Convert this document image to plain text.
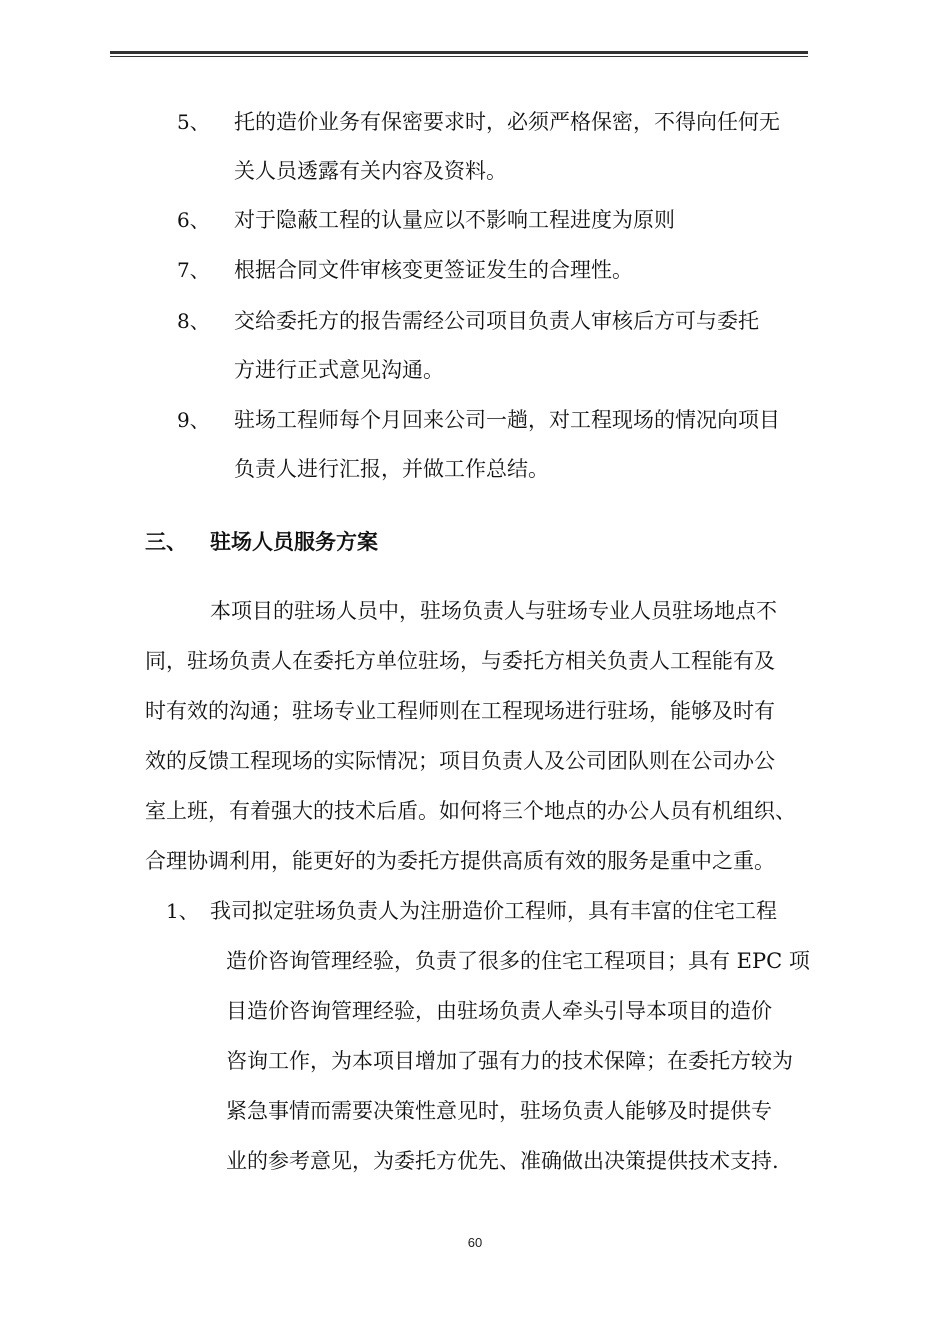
5、 托的造价业务有保密要求时，必须严格保密，不得向任何无
关人员透露有关内容及资料。
6、 对于隐蔽工程的认量应以不影响工程进度为原则
7、 根据合同文件审核变更签证发生的合理性。
8、 交给委托方的报告需经公司项目负责人审核后方可与委托
方进行正式意见沟通。
9、 驻场工程师每个月回来公司一趟，对工程现场的情况向项目
负责人进行汇报，并做工作总结。
三、 驻场人员服务方案
本项目的驻场人员中，驻场负责人与驻场专业人员驻场地点不
同，驻场负责人在委托方单位驻场，与委托方相关负责人工程能有及
时有效的沟通；驻场专业工程师则在工程现场进行驻场，能够及时有
效的反馈工程现场的实际情况；项目负责人及公司团队则在公司办公
室上班，有着强大的技术后盾。如何将三个地点的办公人员有机组织、
合理协调利用，能更好的为委托方提供高质有效的服务是重中之重。
1、 我司拟定驻场负责人为注册造价工程师，具有丰富的住宅工程
造价咨询管理经验，负责了很多的住宅工程项目；具有 EPC 项
目造价咨询管理经验，由驻场负责人牵头引导本项目的造价
咨询工作，为本项目增加了强有力的技术保障；在委托方较为
紧急事情而需要决策性意见时，驻场负责人能够及时提供专
业的参考意见，为委托方优先、准确做出决策提供技术支持.
60
